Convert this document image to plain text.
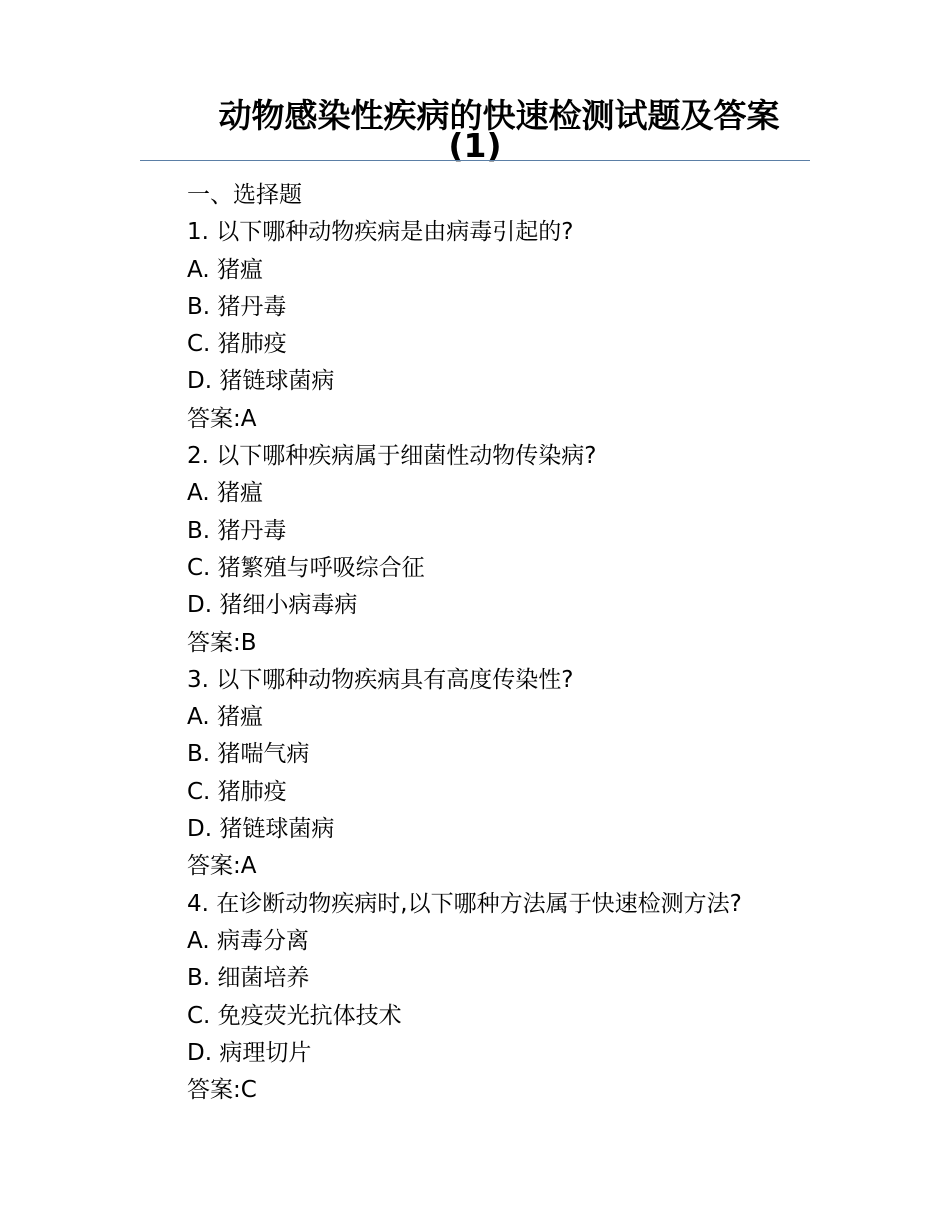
动物感染性疾病的快速检测试题及答案
(1)
一、选择题
1. 以下哪种动物疾病是由病毒引起的?
A. 猪瘟
B. 猪丹毒
C. 猪肺疫
D. 猪链球菌病
答案:A
2. 以下哪种疾病属于细菌性动物传染病?
A. 猪瘟
B. 猪丹毒
C. 猪繁殖与呼吸综合征
D. 猪细小病毒病
答案:B
3. 以下哪种动物疾病具有高度传染性?
A. 猪瘟
B. 猪喘气病
C. 猪肺疫
D. 猪链球菌病
答案:A
4. 在诊断动物疾病时,以下哪种方法属于快速检测方法?
A. 病毒分离
B. 细菌培养
C. 免疫荧光抗体技术
D. 病理切片
答案:C
